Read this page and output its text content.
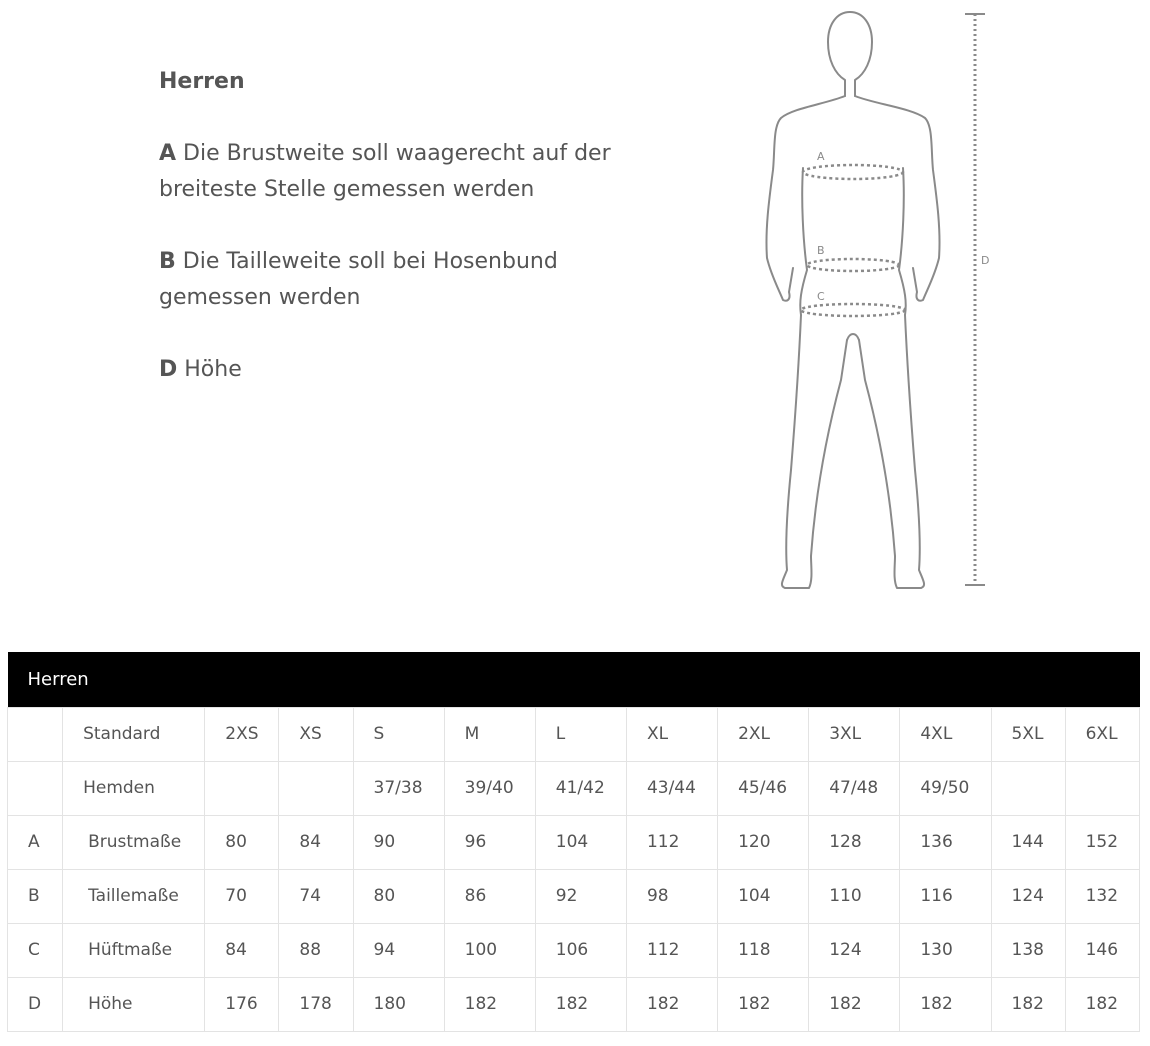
Herren

A Die Brustweite soll waagerecht auf der breiteste Stelle gemessen werden

B Die Tailleweite soll bei Hosenbund gemessen werden

D Höhe

A
B
C
D
Herren												
	Standard	2XS	XS	S	M	L	XL	2XL	3XL	4XL	5XL	6XL
	Hemden			37/38	39/40	41/42	43/44	45/46	47/48	49/50		
A	Brustmaße	80	84	90	96	104	112	120	128	136	144	152
B	Taillemaße	70	74	80	86	92	98	104	110	116	124	132
C	Hüftmaße	84	88	94	100	106	112	118	124	130	138	146
D	Höhe	176	178	180	182	182	182	182	182	182	182	182
